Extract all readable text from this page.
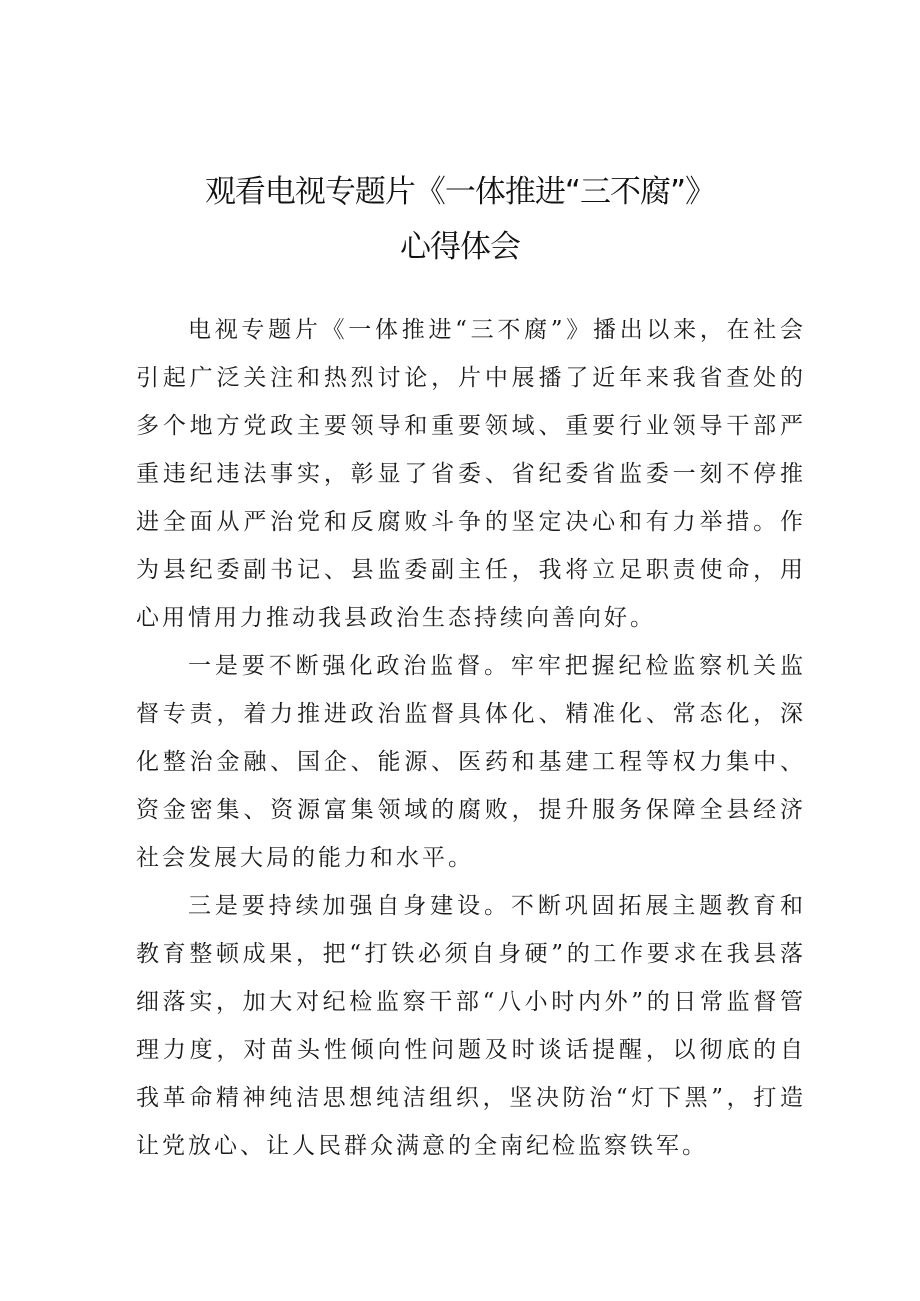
观看电视专题片《一体推进“三不腐”》
心得体会

电视专题片《一体推进“三不腐”》播出以来，在社会引起广泛关注和热烈讨论，片中展播了近年来我省查处的多个地方党政主要领导和重要领域、重要行业领导干部严重违纪违法事实，彰显了省委、省纪委省监委一刻不停推进全面从严治党和反腐败斗争的坚定决心和有力举措。作为县纪委副书记、县监委副主任，我将立足职责使命，用心用情用力推动我县政治生态持续向善向好。

一是要不断强化政治监督。牢牢把握纪检监察机关监督专责，着力推进政治监督具体化、精准化、常态化，深化整治金融、国企、能源、医药和基建工程等权力集中、资金密集、资源富集领域的腐败，提升服务保障全县经济社会发展大局的能力和水平。

三是要持续加强自身建设。不断巩固拓展主题教育和教育整顿成果，把“打铁必须自身硬”的工作要求在我县落细落实，加大对纪检监察干部“八小时内外”的日常监督管理力度，对苗头性倾向性问题及时谈话提醒，以彻底的自我革命精神纯洁思想纯洁组织，坚决防治“灯下黑”，打造让党放心、让人民群众满意的全南纪检监察铁军。
